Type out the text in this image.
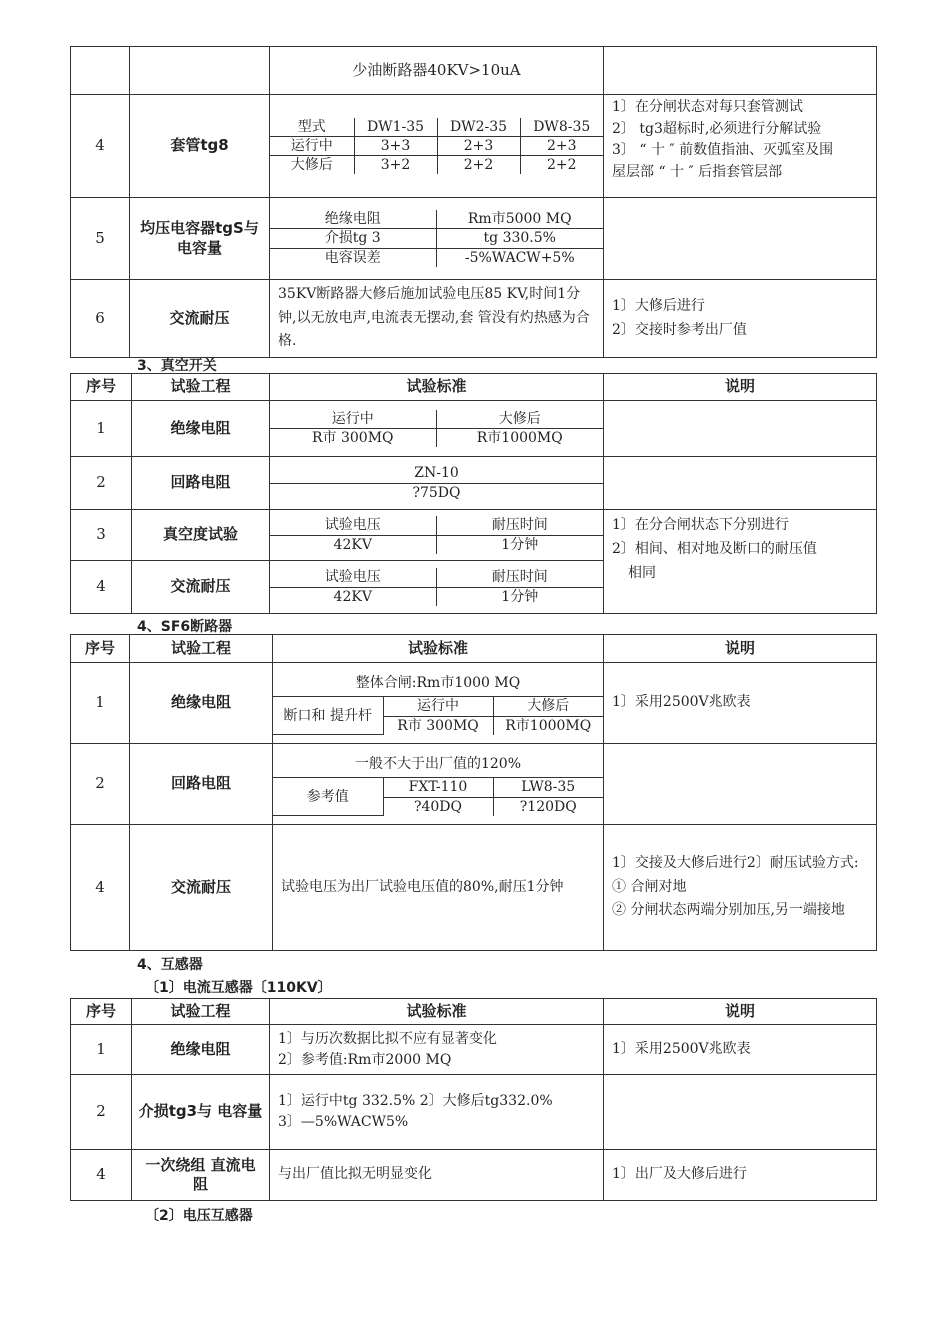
		少油断路器40KV>10uA	
4	套管tg8	
型式	DW1-35	DW2-35	DW8-35
运行中	3+3	2+3	2+3
大修后	3+2	2+2	2+2

1〕在分闸状态对每只套管测试
2〕 tg3超标时,必须进行分解试验
3〕 “ 十 ″ 前数值指油、灭弧室及围
屋层部 “ 十 ″ 后指套管层部

5	均压电容器tgS与电容量	
绝缘电阻	Rm市5000 MQ
介损tg 3	tg 330.5%
电容误差	-5%WACW+5%

6	交流耐压	35KV断路器大修后施加试验电压85 KV,时间1分钟,以无放电声,电流表无摆动,套 管没有灼热感为合格.	
1〕大修后进行
2〕交接时参考出厂值
3、真空开关
序号	试验工程	试验标准	说明
1	绝缘电阻		运行中	大修后
R市 300MQ	R市1000MQ

2	回路电阻		ZN-10
?75DQ

3	真空度试验		试验电压	耐压时间
42KV	1分钟

1〕在分合闸状态下分别进行
2〕相间、相对地及断口的耐压值
相同

4	交流耐压		试验电压	耐压时间
42KV	1分钟
4、SF6断路器
序号	试验工程	试验标准	说明
1	绝缘电阻	
整体合闸:Rm市1000 MQ
断口和 提升杆	运行中	大修后
R市 300MQ	R市1000MQ
	1〕采用2500V兆欧表
2	回路电阻	
一般不大于出厂值的120%
参考值	FXT-110	LW8-35
?40DQ	?120DQ

4	交流耐压	试验电压为出厂试验电压值的80%,耐压1分钟	
1〕交接及大修后进行2〕耐压试验方式:
① 合闸对地
② 分闸状态两端分别加压,另一端接地
4、互感器
〔1〕电流互感器〔110KV〕
序号	试验工程	试验标准	说明
1	绝缘电阻	1〕与历次数据比拟不应有显著变化
2〕参考值:Rm市2000 MQ	1〕采用2500V兆欧表
2	介损tg3与 电容量	1〕运行中tg 332.5% 2〕大修后tg332.0%
3〕—5%WACW5%	

4	一次绕组 直流电阻	与出厂值比拟无明显变化	1〕出厂及大修后进行
〔2〕电压互感器
